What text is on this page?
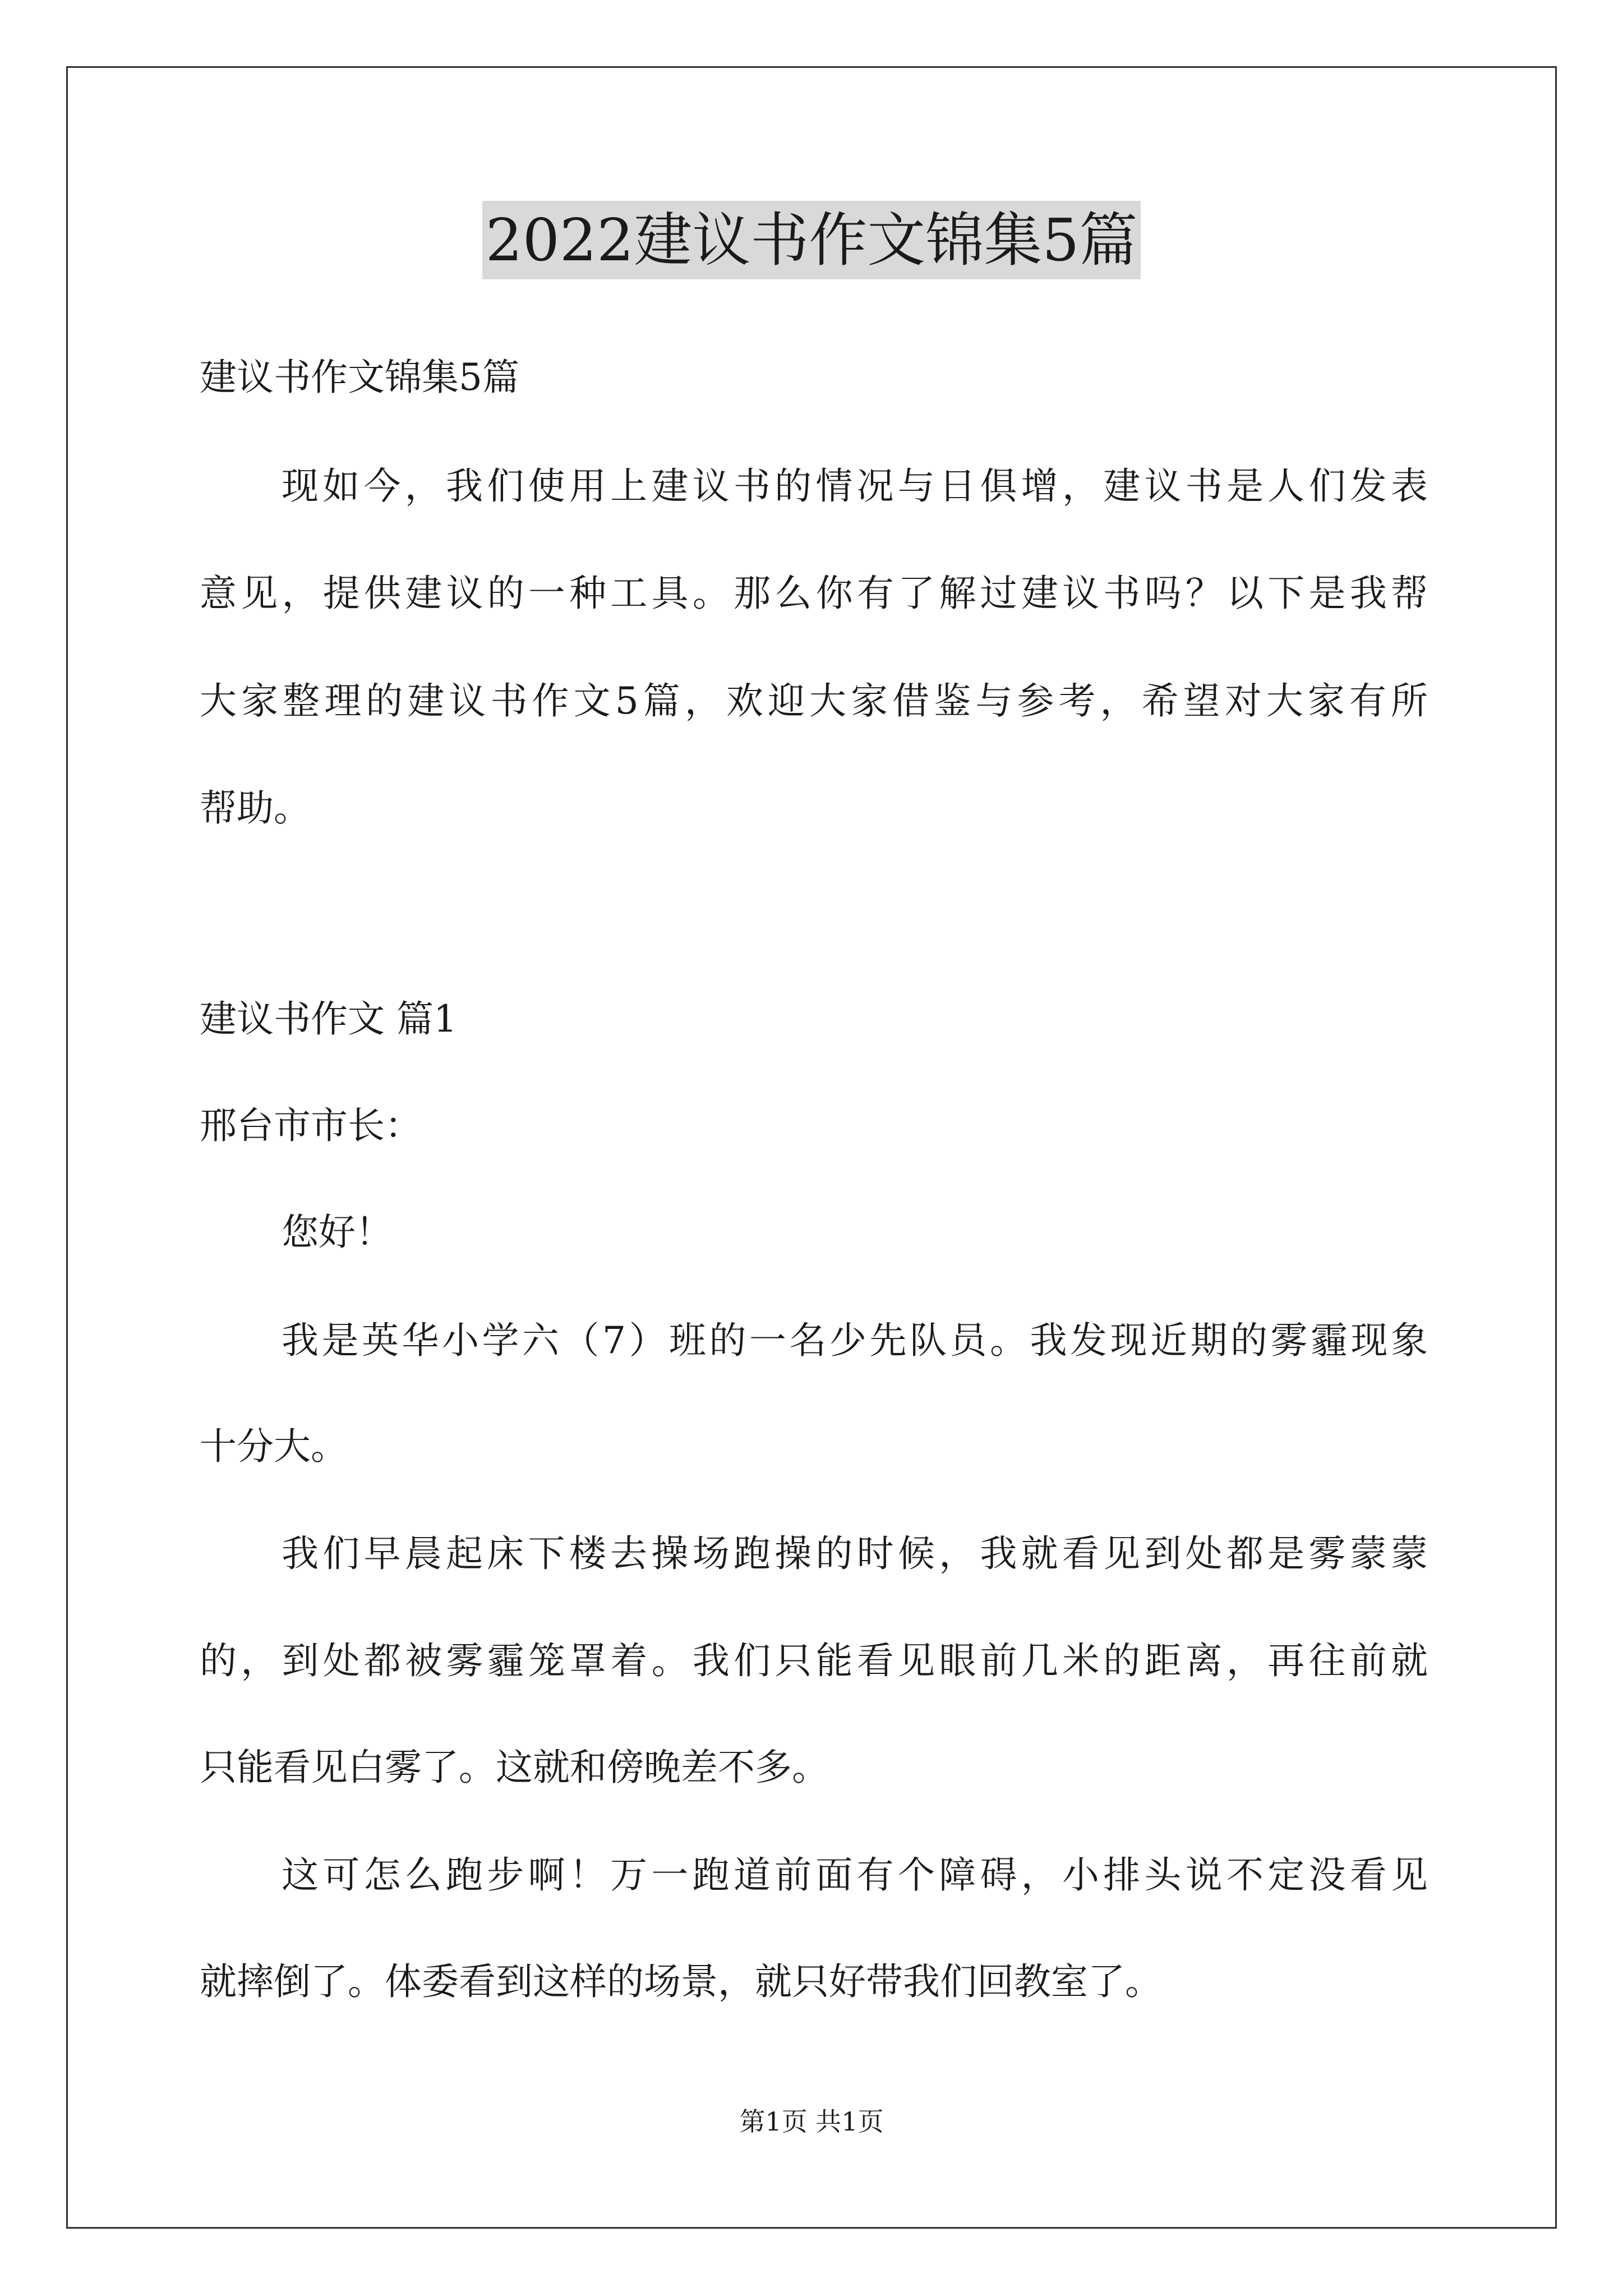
2022建议书作文锦集5篇
建议书作文锦集5篇
现如今，我们使用上建议书的情况与日俱增，建议书是人们发表
意见，提供建议的一种工具。那么你有了解过建议书吗？以下是我帮
大家整理的建议书作文5篇，欢迎大家借鉴与参考，希望对大家有所
帮助。
建议书作文 篇1
邢台市市长：
您好！
我是英华小学六（7）班的一名少先队员。我发现近期的雾霾现象
十分大。
我们早晨起床下楼去操场跑操的时候，我就看见到处都是雾蒙蒙
的，到处都被雾霾笼罩着。我们只能看见眼前几米的距离，再往前就
只能看见白雾了。这就和傍晚差不多。
这可怎么跑步啊！万一跑道前面有个障碍，小排头说不定没看见
就摔倒了。体委看到这样的场景，就只好带我们回教室了。
第1页 共1页
